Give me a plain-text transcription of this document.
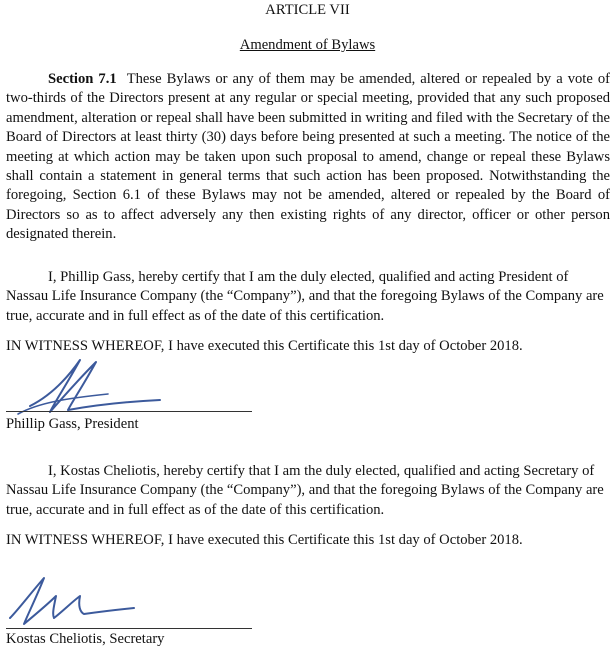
ARTICLE VII
Amendment of Bylaws

Section 7.1 These Bylaws or any of them may be amended, altered or repealed by a vote of two-thirds of the Directors present at any regular or special meeting, provided that any such proposed amendment, alteration or repeal shall have been submitted in writing and filed with the Secretary of the Board of Directors at least thirty (30) days before being presented at such a meeting. The notice of the meeting at which action may be taken upon such proposal to amend, change or repeal these Bylaws shall contain a statement in general terms that such action has been proposed. Notwithstanding the foregoing, Section 6.1 of these Bylaws may not be amended, altered or repealed by the Board of Directors so as to affect adversely any then existing rights of any director, officer or other person designated therein.

I, Phillip Gass, hereby certify that I am the duly elected, qualified and acting President of Nassau Life Insurance Company (the “Company”), and that the foregoing Bylaws of the Company are true, accurate and in full effect as of the date of this certification.

IN WITNESS WHEREOF, I have executed this Certificate this 1st day of October 2018.
Phillip Gass, President

I, Kostas Cheliotis, hereby certify that I am the duly elected, qualified and acting Secretary of Nassau Life Insurance Company (the “Company”), and that the foregoing Bylaws of the Company are true, accurate and in full effect as of the date of this certification.

IN WITNESS WHEREOF, I have executed this Certificate this 1st day of October 2018.
Kostas Cheliotis, Secretary
